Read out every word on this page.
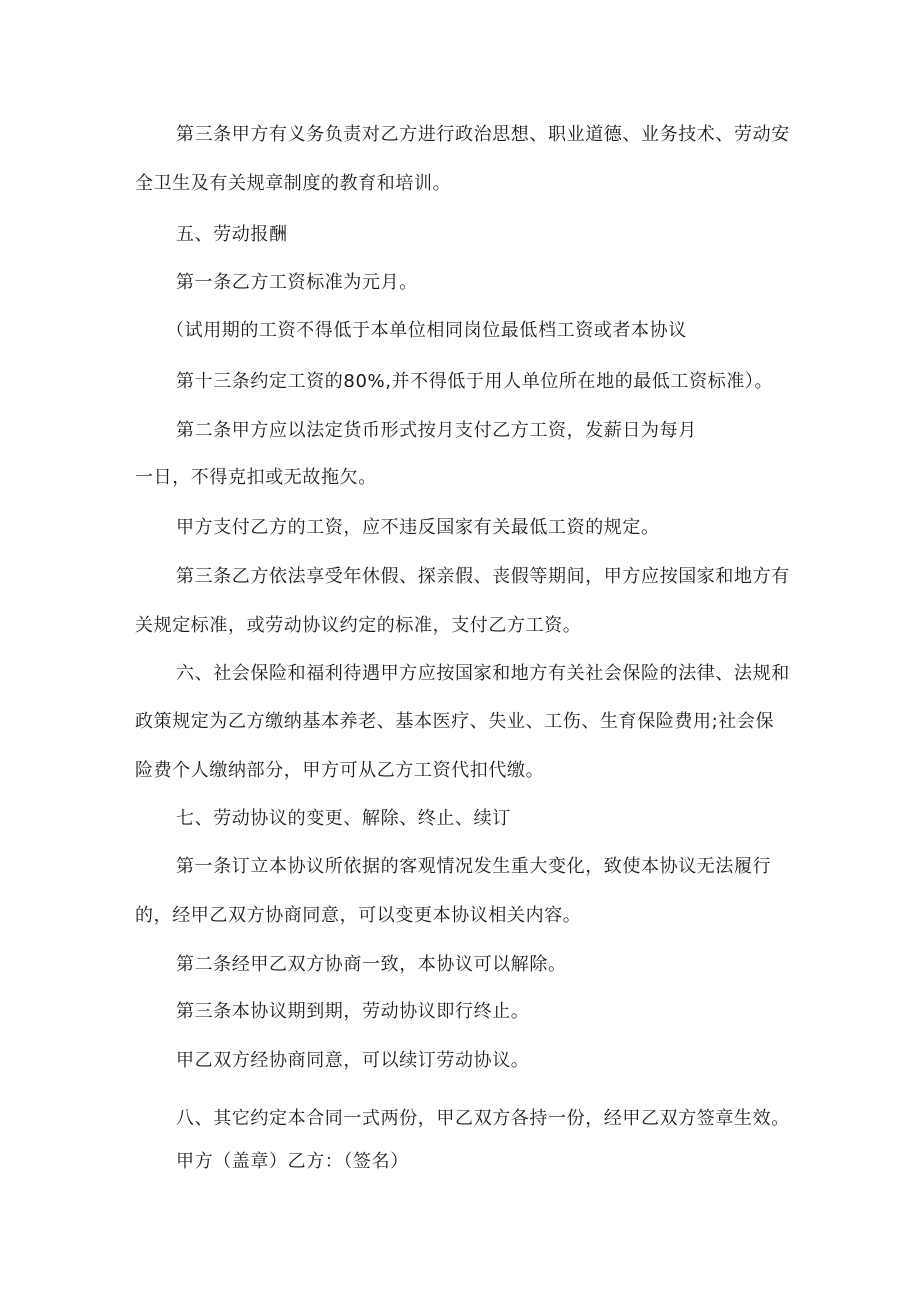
第三条甲方有义务负责对乙方进行政治思想、职业道德、业务技术、劳动安
全卫生及有关规章制度的教育和培训。
五、劳动报酬
第一条乙方工资标准为元月。
（试用期的工资不得低于本单位相同岗位最低档工资或者本协议
第十三条约定工资的80%,并不得低于用人单位所在地的最低工资标准）。
第二条甲方应以法定货币形式按月支付乙方工资，发薪日为每月
一日，不得克扣或无故拖欠。
甲方支付乙方的工资，应不违反国家有关最低工资的规定。
第三条乙方依法享受年休假、探亲假、丧假等期间，甲方应按国家和地方有
关规定标准，或劳动协议约定的标准，支付乙方工资。
六、社会保险和福利待遇甲方应按国家和地方有关社会保险的法律、法规和
政策规定为乙方缴纳基本养老、基本医疗、失业、工伤、生育保险费用;社会保
险费个人缴纳部分，甲方可从乙方工资代扣代缴。
七、劳动协议的变更、解除、终止、续订
第一条订立本协议所依据的客观情况发生重大变化，致使本协议无法履行
的，经甲乙双方协商同意，可以变更本协议相关内容。
第二条经甲乙双方协商一致，本协议可以解除。
第三条本协议期到期，劳动协议即行终止。
甲乙双方经协商同意，可以续订劳动协议。
八、其它约定本合同一式两份，甲乙双方各持一份，经甲乙双方签章生效。
甲方（盖章）乙方：（签名）
